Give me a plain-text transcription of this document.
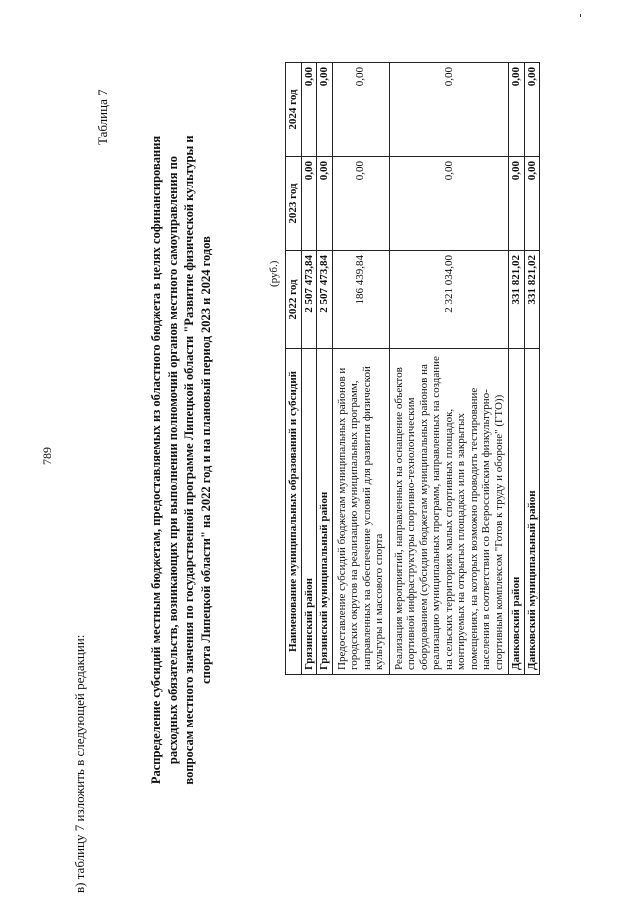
в) таблицу 7 изложить в следующей редакции:
789
Таблица 7
Распределение субсидий местным бюджетам, предоставляемых из областного бюджета в целях софинансирования расходных обязательств, возникающих при выполнении полномочий органов местного самоуправления по вопросам местного значения по государственной программе Липецкой области "Развитие физической культуры и спорта Липецкой области" на 2022 год и на плановый период 2023 и 2024 годов	(руб.)
Наименование муниципальных образований и субсидий	2022 год	2023 год	2024 год
Грязинский район	2 507 473,84	0,00	0,00
Грязинский муниципальный район	2 507 473,84	0,00	0,00
Предоставление субсидий бюджетам муниципальных районов и городских округов на реализацию муниципальных программ, направленных на обеспечение условий для развития физической культуры и массового спорта	186 439,84	0,00	0,00
Реализация мероприятий, направленных на оснащение объектов спортивной инфраструктуры спортивно-технологическим оборудованием (субсидии бюджетам муниципальных районов на реализацию муниципальных программ, направленных на создание на сельских территориях малых спортивных площадок, монтируемых на открытых площадках или в закрытых помещениях, на которых возможно проводить тестирование населения в соответствии со Всероссийским физкультурно-спортивным комплексом "Готов к труду и обороне" (ГТО))	2 321 034,00	0,00	0,00
Данковский район	331 821,02	0,00	0,00
Данковский муниципальный район	331 821,02	0,00	0,00
